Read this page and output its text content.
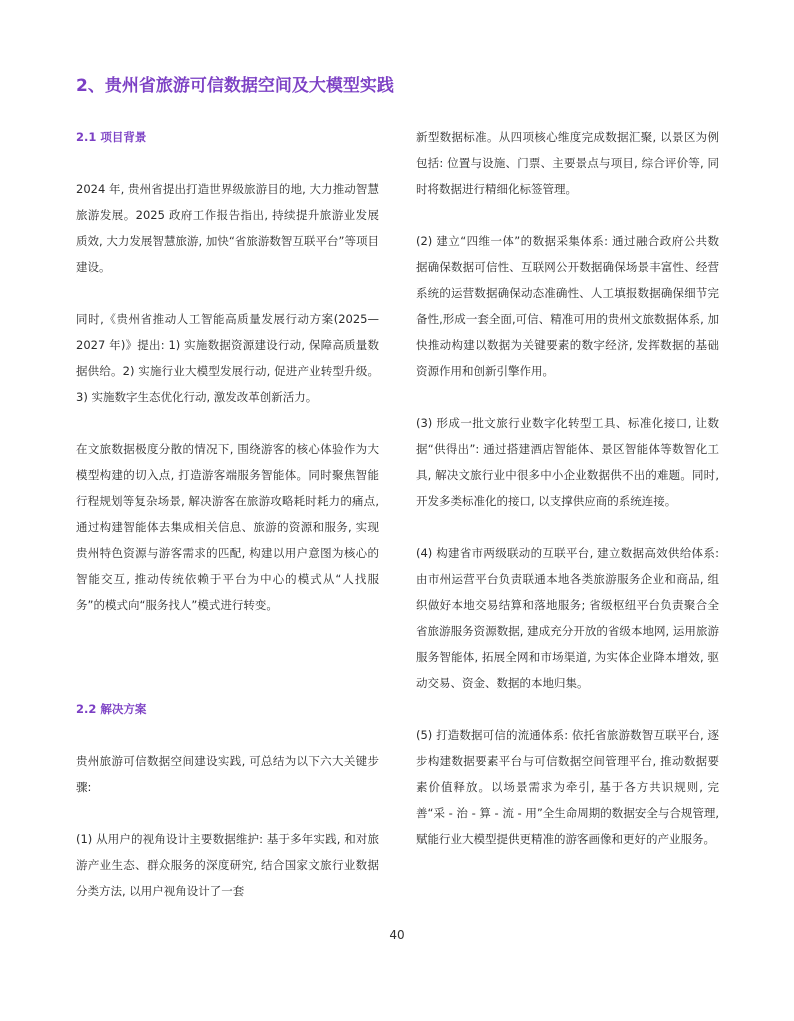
2、贵州省旅游可信数据空间及大模型实践
2.1 项目背景

2024 年, 贵州省提出打造世界级旅游目的地, 大力推动智慧旅游发展。2025 政府工作报告指出, 持续提升旅游业发展质效, 大力发展智慧旅游, 加快“省旅游数智互联平台”等项目建设。

同时,《贵州省推动人工智能高质量发展行动方案(2025—2027 年)》提出: 1) 实施数据资源建设行动, 保障高质量数据供给。2) 实施行业大模型发展行动, 促进产业转型升级。3) 实施数字生态优化行动, 激发改革创新活力。

在文旅数据极度分散的情况下, 围绕游客的核心体验作为大模型构建的切入点, 打造游客端服务智能体。同时聚焦智能行程规划等复杂场景, 解决游客在旅游攻略耗时耗力的痛点, 通过构建智能体去集成相关信息、旅游的资源和服务, 实现贵州特色资源与游客需求的匹配, 构建以用户意图为核心的智能交互, 推动传统依赖于平台为中心的模式从“人找服务”的模式向“服务找人”模式进行转变。

2.2 解决方案

贵州旅游可信数据空间建设实践, 可总结为以下六大关键步骤:

(1) 从用户的视角设计主要数据维护: 基于多年实践, 和对旅游产业生态、群众服务的深度研究, 结合国家文旅行业数据分类方法, 以用户视角设计了一套

新型数据标准。从四项核心维度完成数据汇聚, 以景区为例包括: 位置与设施、门票、主要景点与项目, 综合评价等, 同时将数据进行精细化标签管理。

(2) 建立“四维一体”的数据采集体系: 通过融合政府公共数据确保数据可信性、互联网公开数据确保场景丰富性、经营系统的运营数据确保动态准确性、人工填报数据确保细节完备性,形成一套全面,可信、精准可用的贵州文旅数据体系, 加快推动构建以数据为关键要素的数字经济, 发挥数据的基础资源作用和创新引擎作用。

(3) 形成一批文旅行业数字化转型工具、标准化接口, 让数据“供得出”: 通过搭建酒店智能体、景区智能体等数智化工具, 解决文旅行业中很多中小企业数据供不出的难题。同时, 开发多类标准化的接口, 以支撑供应商的系统连接。

(4) 构建省市两级联动的互联平台, 建立数据高效供给体系: 由市州运营平台负责联通本地各类旅游服务企业和商品, 组织做好本地交易结算和落地服务; 省级枢纽平台负责聚合全省旅游服务资源数据, 建成充分开放的省级本地网, 运用旅游服务智能体, 拓展全网和市场渠道, 为实体企业降本增效, 驱动交易、资金、数据的本地归集。

(5) 打造数据可信的流通体系: 依托省旅游数智互联平台, 逐步构建数据要素平台与可信数据空间管理平台, 推动数据要素价值释放。以场景需求为牵引, 基于各方共识规则, 完善“采 - 治 - 算 - 流 - 用”全生命周期的数据安全与合规管理, 赋能行业大模型提供更精准的游客画像和更好的产业服务。

40
